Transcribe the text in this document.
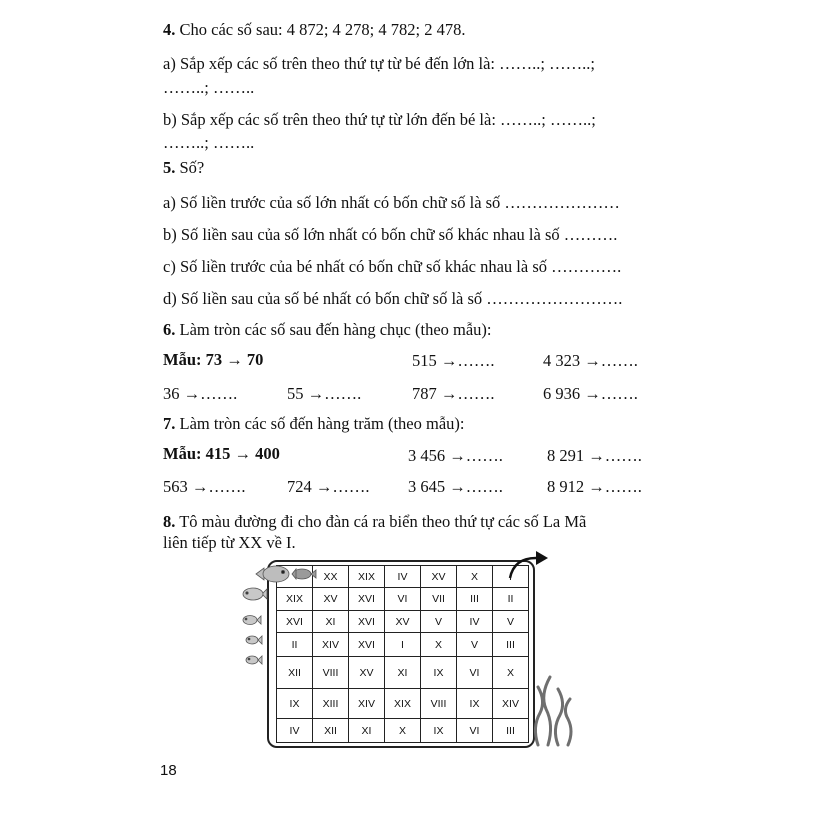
4. Cho các số sau: 4 872; 4 278; 4 782; 2 478.
a) Sắp xếp các số trên theo thứ tự từ bé đến lớn là: ……..; ……..;
……..; ……..
b) Sắp xếp các số trên theo thứ tự từ lớn đến bé là: ……..; ……..;
……..; ……..
5. Số?
a) Số liền trước của số lớn nhất có bốn chữ số là số …………………
b) Số liền sau của số lớn nhất có bốn chữ số khác nhau là số ……….
c) Số liền trước của bé nhất có bốn chữ số khác nhau là số ………….
d) Số liền sau của số bé nhất có bốn chữ số là số …………………….
6. Làm tròn các số sau đến hàng chục (theo mẫu):
Mẫu: 73 → 70	515 →…….	4 323 →…….
36 →…….	55 →…….	787 →…….	6 936 →…….
7. Làm tròn các số đến hàng trăm (theo mẫu):
Mẫu: 415 → 400	3 456 →…….	8 291 →…….
563 →…….	724 →……. 3 645 →…….	8 912 →…….
8. Tô màu đường đi cho đàn cá ra biển theo thứ tự các số La Mã
liên tiếp từ XX về I.
	XX	XIX	IV	XV	X	I
XIX	XV	XVI	VI	VII	III	II
XVI	XI	XVI	XV	V	IV	V
II	XIV	XVI	I	X	V	III
XII	VIII	XV	XI	IX	VI	X
IX	XIII	XIV	XIX	VIII	IX	XIV
IV	XII	XI	X	IX	VI	III
18
